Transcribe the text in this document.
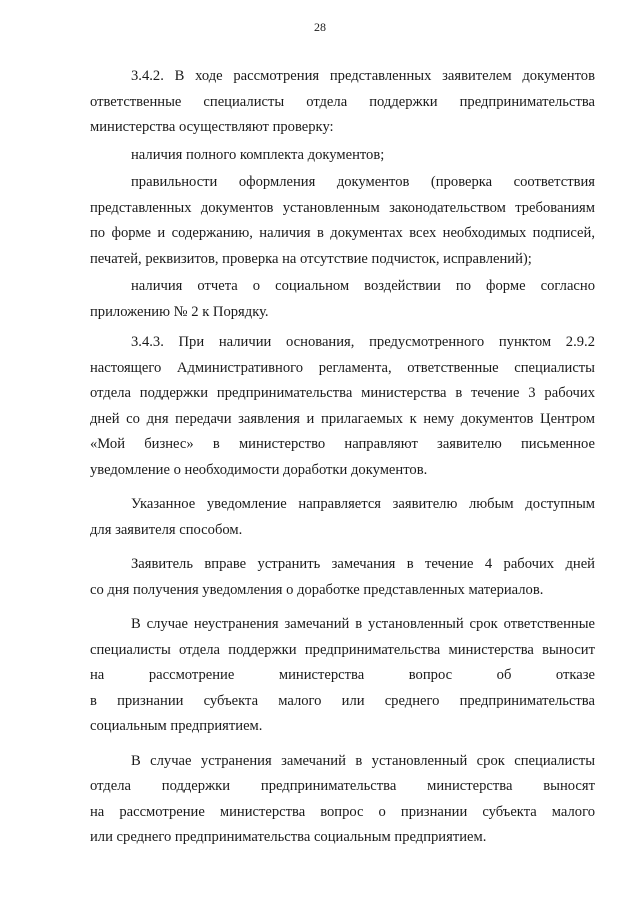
28
3.4.2. В ходе рассмотрения представленных заявителем документов
ответственные специалисты отдела поддержки предпринимательства
министерства осуществляют проверку:
наличия полного комплекта документов;
правильности оформления документов (проверка соответствия
представленных документов установленным законодательством требованиям
по форме и содержанию, наличия в документах всех необходимых подписей,
печатей, реквизитов, проверка на отсутствие подчисток, исправлений);
наличия отчета о социальном воздействии по форме согласно
приложению № 2 к Порядку.
3.4.3. При наличии основания, предусмотренного пунктом 2.9.2
настоящего Административного регламента, ответственные специалисты
отдела поддержки предпринимательства министерства в течение 3 рабочих
дней со дня передачи заявления и прилагаемых к нему документов Центром
«Мой бизнес» в министерство направляют заявителю письменное
уведомление о необходимости доработки документов.
Указанное уведомление направляется заявителю любым доступным
для заявителя способом.
Заявитель вправе устранить замечания в течение 4 рабочих дней
со дня получения уведомления о доработке представленных материалов.
В случае неустранения замечаний в установленный срок ответственные
специалисты отдела поддержки предпринимательства министерства выносит
на рассмотрение министерства вопрос об отказе
в признании субъекта малого или среднего предпринимательства
социальным предприятием.
В случае устранения замечаний в установленный срок специалисты
отдела поддержки предпринимательства министерства выносят
на рассмотрение министерства вопрос о признании субъекта малого
или среднего предпринимательства социальным предприятием.
